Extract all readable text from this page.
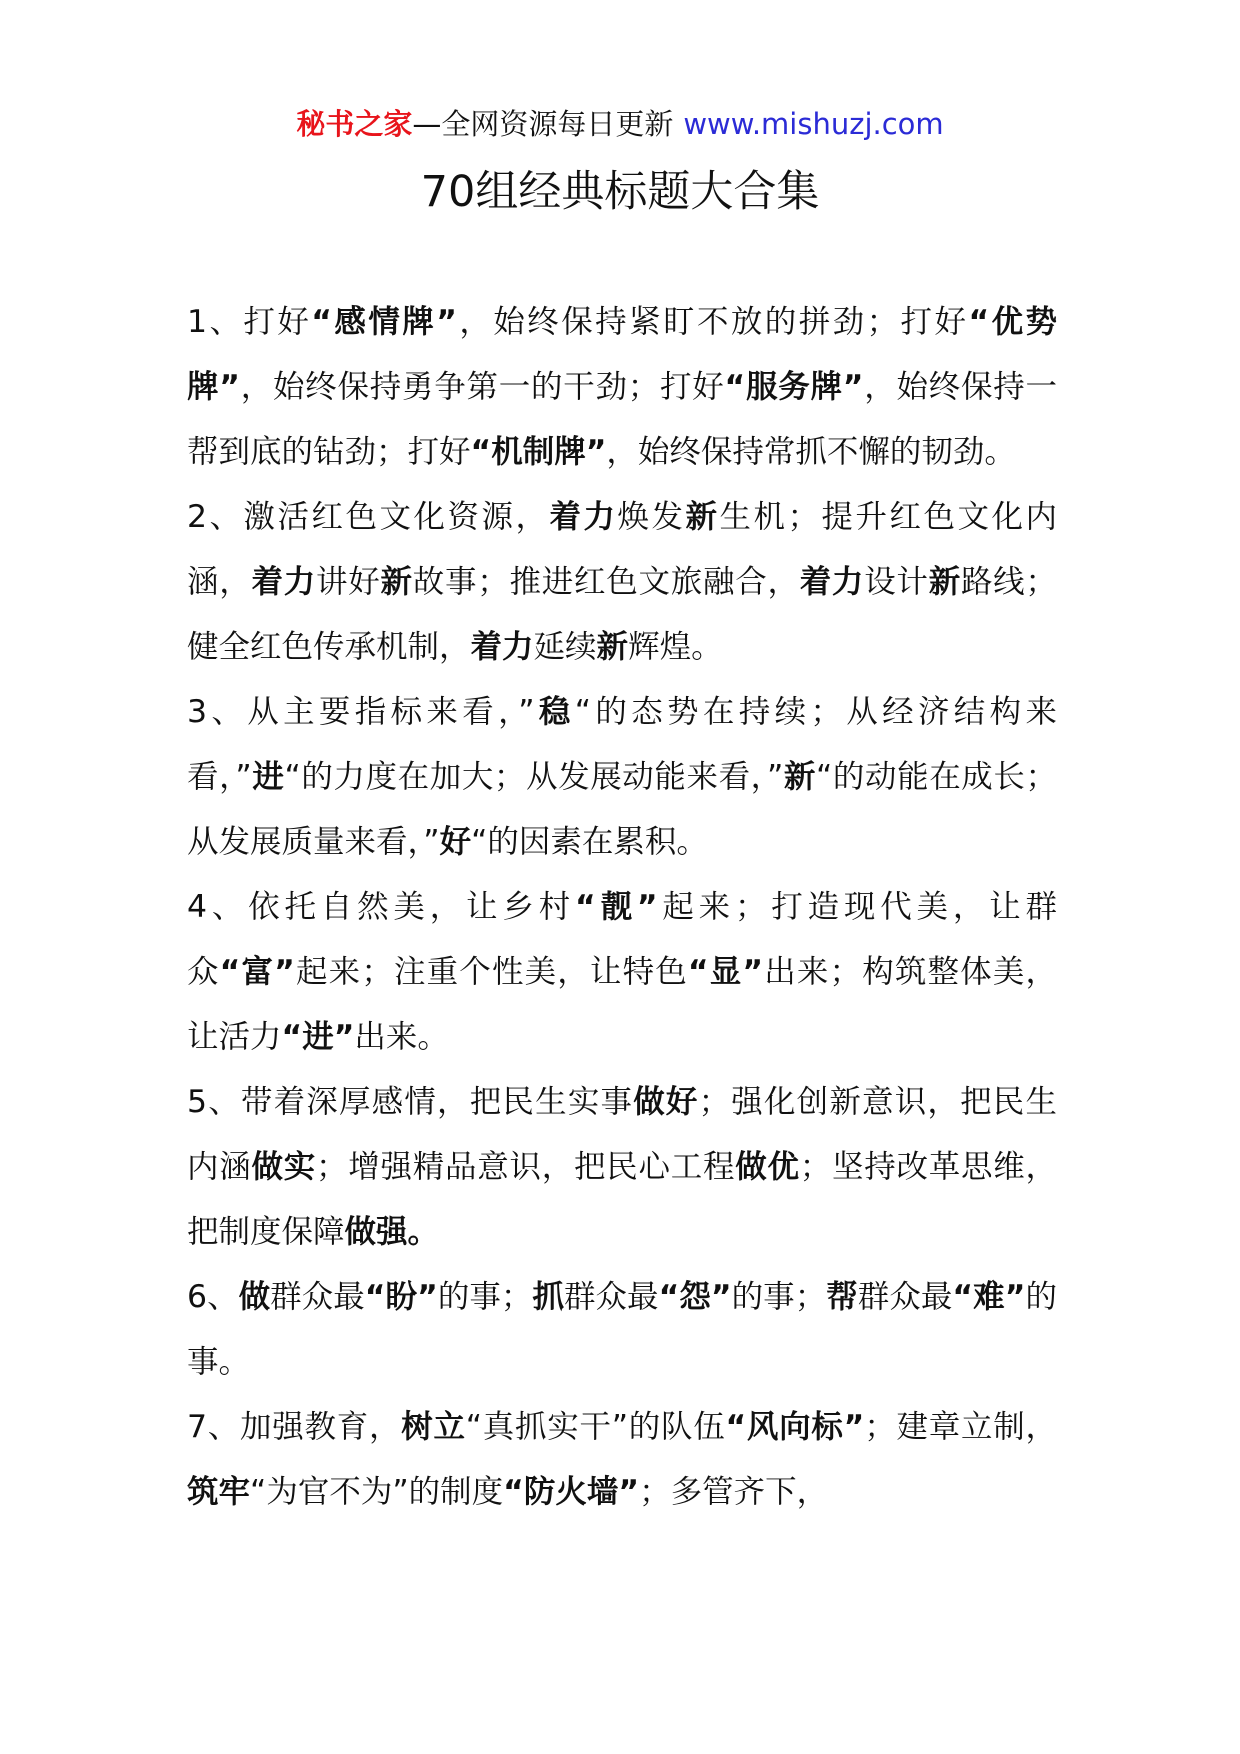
秘书之家—全网资源每日更新 www.mishuzj.com
70组经典标题大合集

1、打好“感情牌”，始终保持紧盯不放的拼劲；打好“优势牌”，始终保持勇争第一的干劲；打好“服务牌”，始终保持一帮到底的钻劲；打好“机制牌”，始终保持常抓不懈的韧劲。

2、激活红色文化资源，着力焕发新生机；提升红色文化内涵，着力讲好新故事；推进红色文旅融合，着力设计新路线；健全红色传承机制，着力延续新辉煌。

3、从主要指标来看，”稳“的态势在持续；从经济结构来看，”进“的力度在加大；从发展动能来看，”新“的动能在成长；从发展质量来看，”好“的因素在累积。

4、依托自然美，让乡村“靓”起来；打造现代美，让群众“富”起来；注重个性美，让特色“显”出来；构筑整体美，让活力“进”出来。

5、带着深厚感情，把民生实事做好；强化创新意识，把民生内涵做实；增强精品意识，把民心工程做优；坚持改革思维，把制度保障做强。

6、做群众最“盼”的事；抓群众最“怨”的事；帮群众最“难”的事。

7、加强教育，树立“真抓实干”的队伍“风向标”；建章立制，筑牢“为官不为”的制度“防火墙”；多管齐下，
